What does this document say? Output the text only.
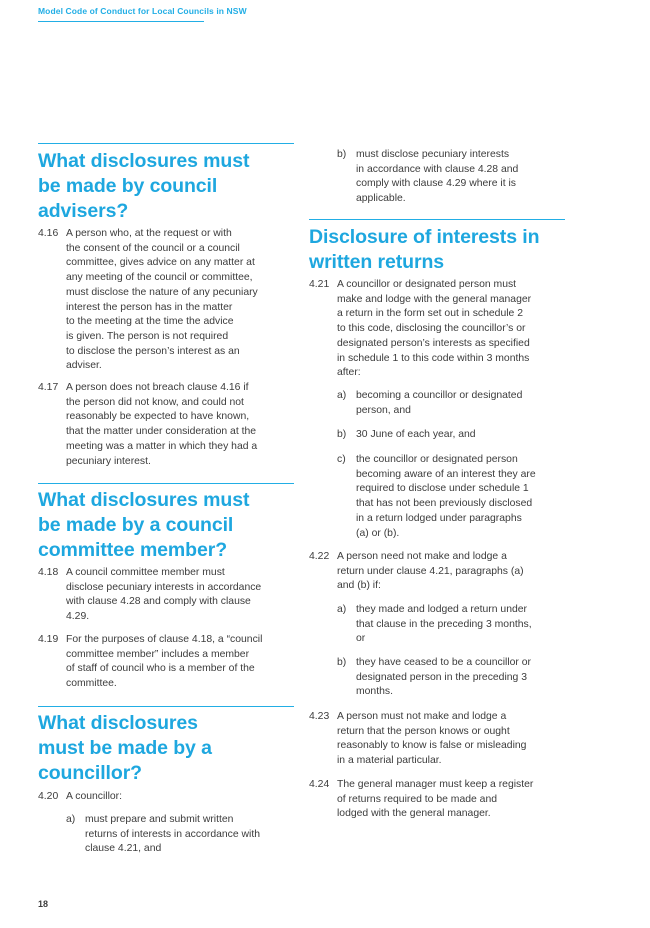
Model Code of Conduct for Local Councils in NSW
What disclosures must
be made by council
advisers?
4.16 A person who, at the request or with
the consent of the council or a council
committee, gives advice on any matter at
any meeting of the council or committee,
must disclose the nature of any pecuniary
interest the person has in the matter
to the meeting at the time the advice
is given. The person is not required
to disclose the person’s interest as an
adviser.
4.17 A person does not breach clause 4.16 if
the person did not know, and could not
reasonably be expected to have known,
that the matter under consideration at the
meeting was a matter in which they had a
pecuniary interest.
What disclosures must
be made by a council
committee member?
4.18 A council committee member must
disclose pecuniary interests in accordance
with clause 4.28 and comply with clause
4.29.
4.19 For the purposes of clause 4.18, a “council
committee member” includes a member
of staff of council who is a member of the
committee.
What disclosures
must be made by a
councillor?
4.20 A councillor:
a) must prepare and submit written
returns of interests in accordance with
clause 4.21, and
b) must disclose pecuniary interests
in accordance with clause 4.28 and
comply with clause 4.29 where it is
applicable.
Disclosure of interests in
written returns
4.21 A councillor or designated person must
make and lodge with the general manager
a return in the form set out in schedule 2
to this code, disclosing the councillor’s or
designated person’s interests as specified
in schedule 1 to this code within 3 months
after:
a) becoming a councillor or designated
person, and
b) 30 June of each year, and
c) the councillor or designated person
becoming aware of an interest they are
required to disclose under schedule 1
that has not been previously disclosed
in a return lodged under paragraphs
(a) or (b).
4.22 A person need not make and lodge a
return under clause 4.21, paragraphs (a)
and (b) if:
a) they made and lodged a return under
that clause in the preceding 3 months,
or
b) they have ceased to be a councillor or
designated person in the preceding 3
months.
4.23 A person must not make and lodge a
return that the person knows or ought
reasonably to know is false or misleading
in a material particular.
4.24 The general manager must keep a register
of returns required to be made and
lodged with the general manager.
18
